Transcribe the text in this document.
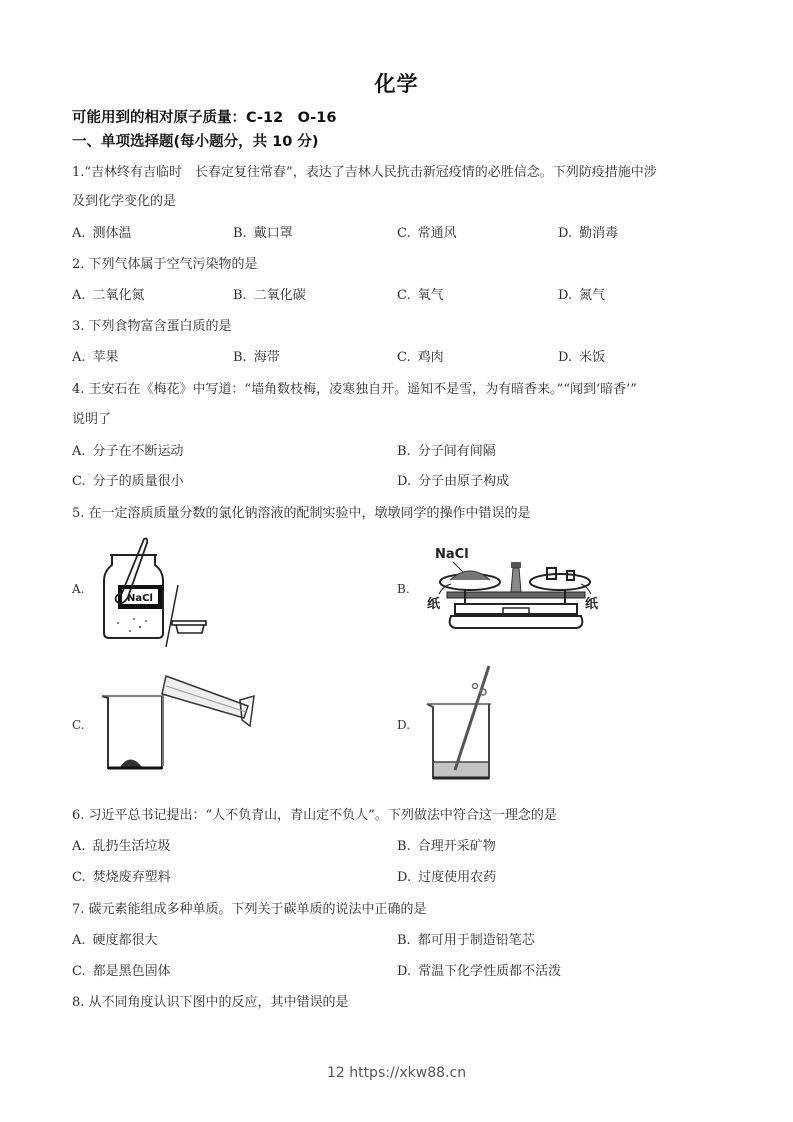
化学
可能用到的相对原子质量：C-12　O-16
一、单项选择题(每小题分，共 10 分)
1.“吉林终有吉临时　长春定复往常春”，表达了吉林人民抗击新冠疫情的必胜信念。下列防疫措施中涉
及到化学变化的是
A. 测体温	B. 戴口罩	C. 常通风	D. 勤消毒
2. 下列气体属于空气污染物的是
A. 二氧化氮	B. 二氧化碳	C. 氧气	D. 氮气
3. 下列食物富含蛋白质的是
A. 苹果	B. 海带	C. 鸡肉	D. 米饭
4. 王安石在《梅花》中写道：“墙角数枝梅，凌寒独自开。遥知不是雪，为有暗香来。”“闻到‘暗香’”
说明了
A. 分子在不断运动	B. 分子间有间隔
C. 分子的质量很小	D. 分子由原子构成
5. 在一定溶质质量分数的氯化钠溶液的配制实验中，墩墩同学的操作中错误的是
A.
NaCl
B.
NaCl
纸	纸
C.	D.
6. 习近平总书记提出：“人不负青山，青山定不负人”。下列做法中符合这一理念的是
A. 乱扔生活垃圾	B. 合理开采矿物
C. 焚烧废弃塑料	D. 过度使用农药
7. 碳元素能组成多种单质。下列关于碳单质的说法中正确的是
A. 硬度都很大	B. 都可用于制造铅笔芯
C. 都是黑色固体	D. 常温下化学性质都不活泼
8. 从不同角度认识下图中的反应，其中错误的是
12 https://xkw88.cn
